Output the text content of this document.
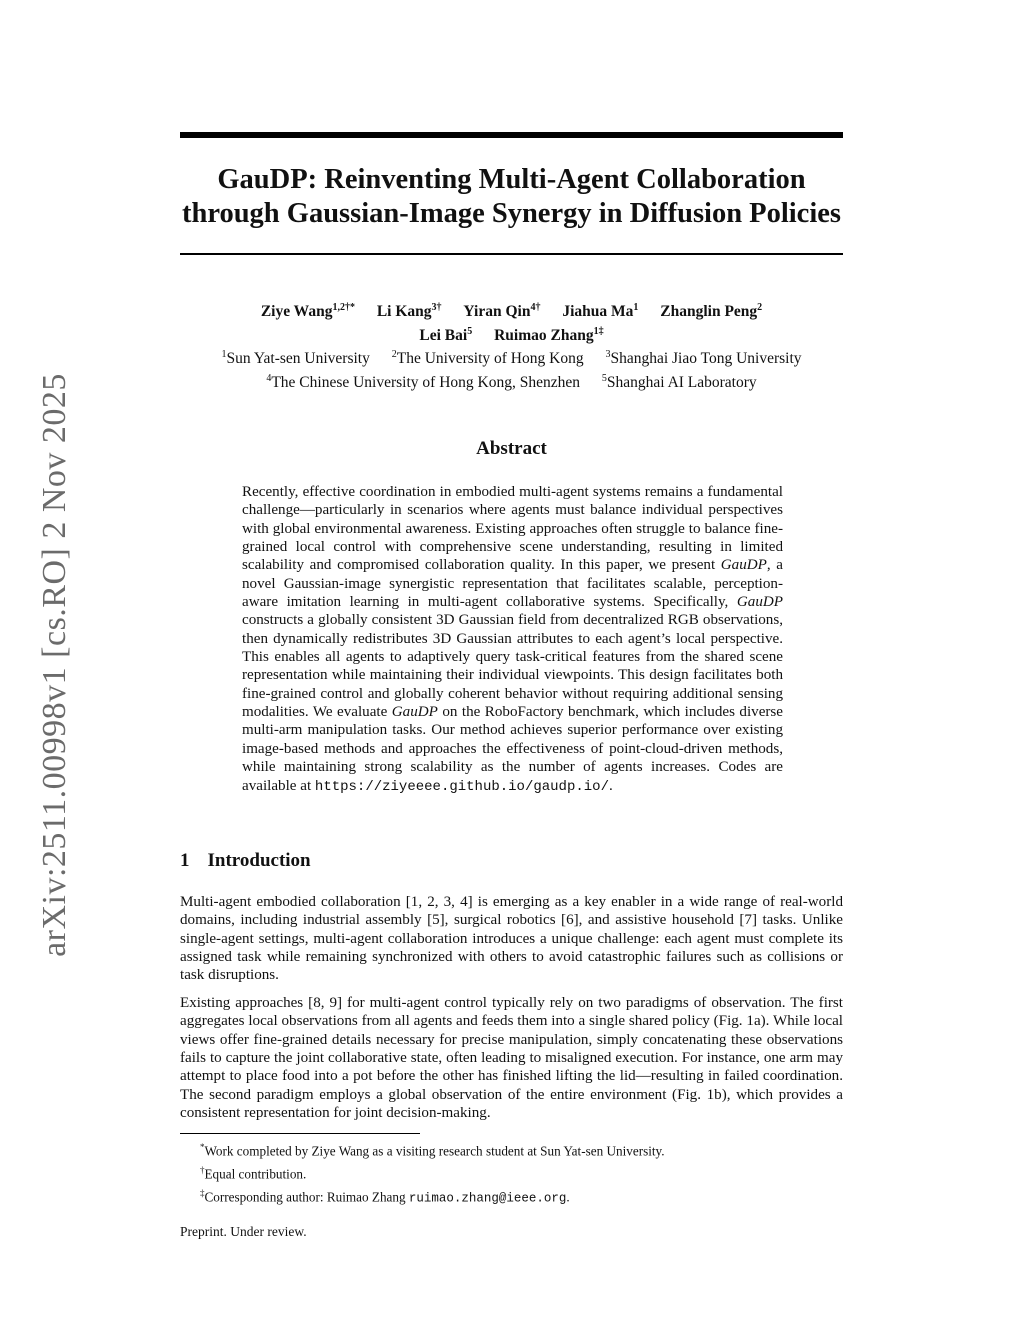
arXiv:2511.00998v1 [cs.RO] 2 Nov 2025
GauDP: Reinventing Multi-Agent Collaboration
through Gaussian-Image Synergy in Diffusion Policies
Ziye Wang$^{1,2\dagger*}$ Li Kang$^{3\dagger}$ Yiran Qin$^{4\dagger}$ Jiahua Ma$^1$ Zhanglin Peng$^2$
Lei Bai$^5$ Ruimao Zhang$^{1\ddagger}$
$^1$Sun Yat-sen University $^2$The University of Hong Kong $^3$Shanghai Jiao Tong University
$^4$The Chinese University of Hong Kong, Shenzhen $^5$Shanghai AI Laboratory
Abstract
Recently, effective coordination in embodied multi-agent systems remains a fundamental challenge—particularly in scenarios where agents must balance individual perspectives with global environmental awareness. Existing approaches often struggle to balance fine-grained local control with comprehensive scene understanding, resulting in limited scalability and compromised collaboration quality. In this paper, we present GauDP, a novel Gaussian-image synergistic representation that facilitates scalable, perception-aware imitation learning in multi-agent collaborative systems. Specifically, GauDP constructs a globally consistent 3D Gaussian field from decentralized RGB observations, then dynamically redistributes 3D Gaussian attributes to each agent’s local perspective. This enables all agents to adaptively query task-critical features from the shared scene representation while maintaining their individual viewpoints. This design facilitates both fine-grained control and globally coherent behavior without requiring additional sensing modalities. We evaluate GauDP on the RoboFactory benchmark, which includes diverse multi-arm manipulation tasks. Our method achieves superior performance over existing image-based methods and approaches the effectiveness of point-cloud-driven methods, while maintaining strong scalability as the number of agents increases. Codes are available at https://ziyeeee.github.io/gaudp.io/.
1 Introduction

Multi-agent embodied collaboration [1, 2, 3, 4] is emerging as a key enabler in a wide range of real-world domains, including industrial assembly [5], surgical robotics [6], and assistive household [7] tasks. Unlike single-agent settings, multi-agent collaboration introduces a unique challenge: each agent must complete its assigned task while remaining synchronized with others to avoid catastrophic failures such as collisions or task disruptions.

Existing approaches [8, 9] for multi-agent control typically rely on two paradigms of observation. The first aggregates local observations from all agents and feeds them into a single shared policy (Fig. 1a). While local views offer fine-grained details necessary for precise manipulation, simply concatenating these observations fails to capture the joint collaborative state, often leading to misaligned execution. For instance, one arm may attempt to place food into a pot before the other has finished lifting the lid—resulting in failed coordination. The second paradigm employs a global observation of the entire environment (Fig. 1b), which provides a consistent representation for joint decision-making.

*Work completed by Ziye Wang as a visiting research student at Sun Yat-sen University.
†Equal contribution.
‡Corresponding author: Ruimao Zhang ruimao.zhang@ieee.org.
Preprint. Under review.
